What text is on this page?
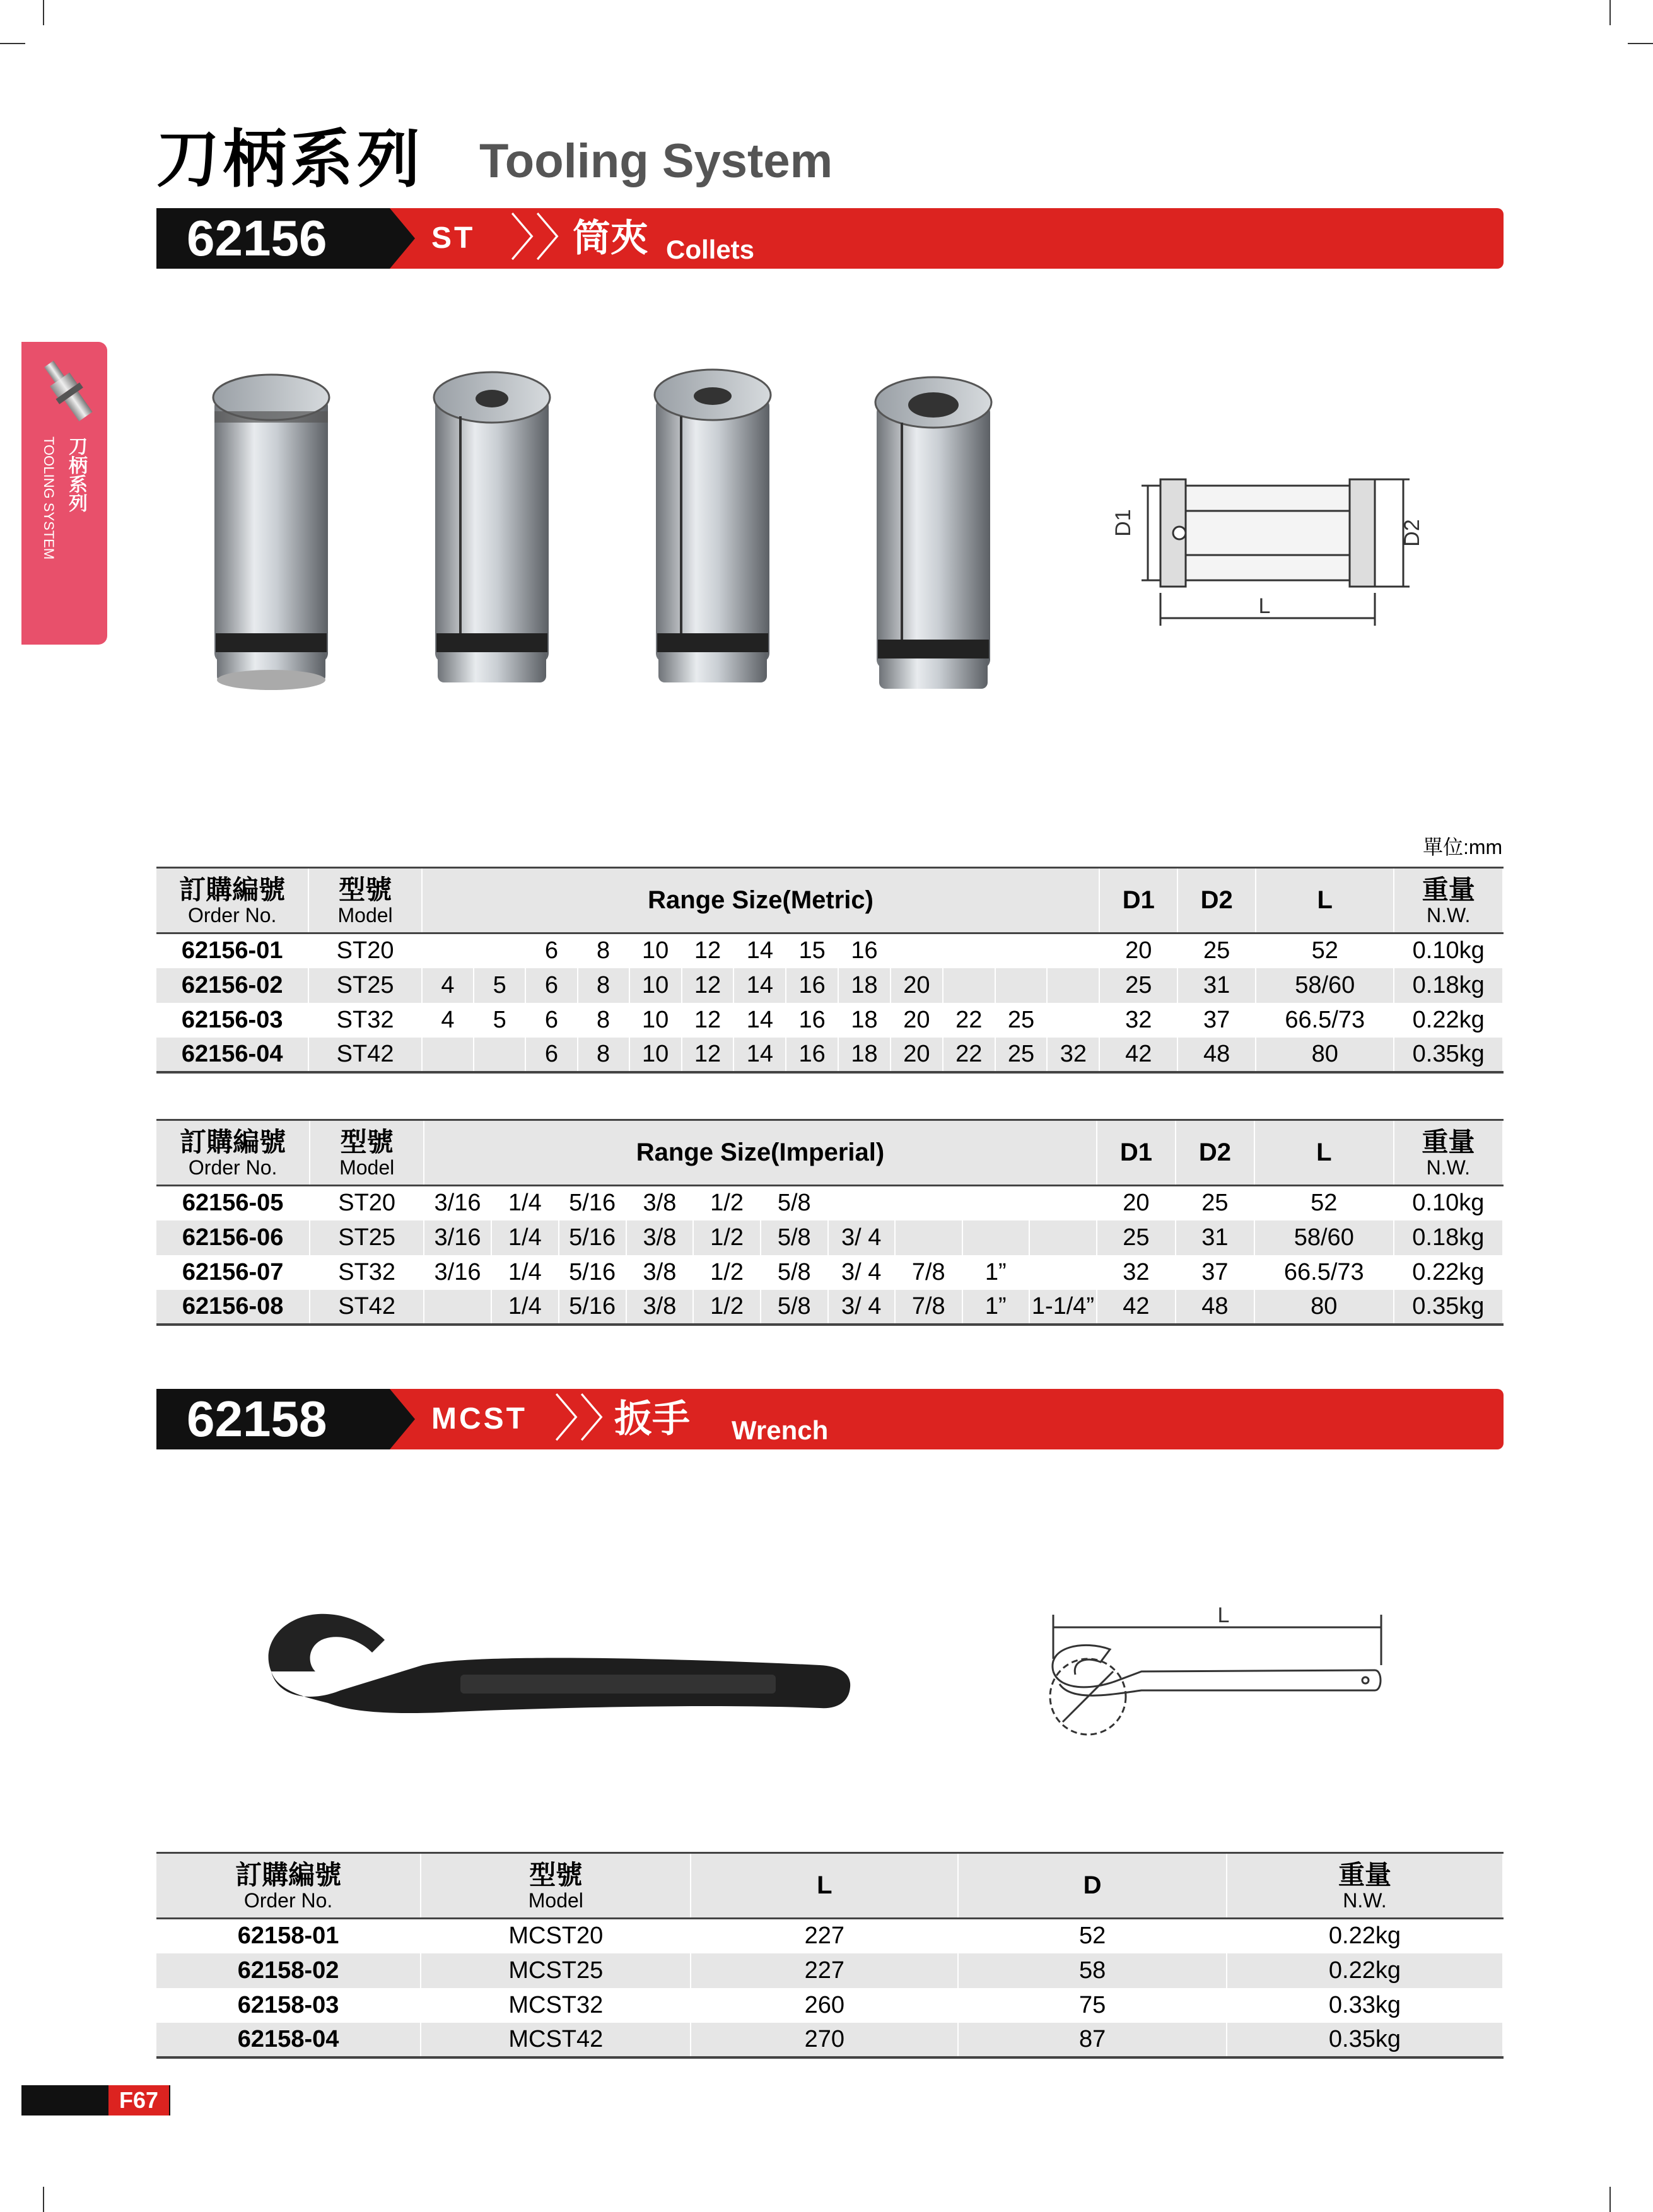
刀柄系列 Tooling System
刀柄系列
TOOLING SYSTEM
62156	ST 〉〉
筒夾 Collets
D1	D2
L
單位:mm
訂購編號
Order No.	型號
Model	Range Size(Metric)													D1	D2	L	重量
N.W.

62156-01	ST20			6	8	10	12	14	15	16					20	25	52	0.10kg
62156-02	ST25	4	5	6	8	10	12	14	16	18	20				25	31	58/60	0.18kg
62156-03	ST32	4	5	6	8	10	12	14	16	18	20	22	25		32	37	66.5/73	0.22kg
62156-04	ST42			6	8	10	12	14	16	18	20	22	25	32	42	48	80	0.35kg
訂購編號
Order No.	型號
Model	Range Size(Imperial)										D1	D2	L	重量
N.W.

62156-05	ST20	3/16	1/4	5/16	3/8	1/2	5/8					20	25	52	0.10kg
62156-06	ST25	3/16	1/4	5/16	3/8	1/2	5/8	3/ 4				25	31	58/60	0.18kg
62156-07	ST32	3/16	1/4	5/16	3/8	1/2	5/8	3/ 4	7/8	1”		32	37	66.5/73	0.22kg
62156-08	ST42		1/4	5/16	3/8	1/2	5/8	3/ 4	7/8	1”	1-1/4”	42	48	80	0.35kg
62158	MCST 〉〉
扳手 Wrench
L
訂購編號
Order No.	型號
Model	L	D	重量
N.W.

62158-01	MCST20	227	52	0.22kg
62158-02	MCST25	227	58	0.22kg
62158-03	MCST32	260	75	0.33kg
62158-04	MCST42	270	87	0.35kg
F67
